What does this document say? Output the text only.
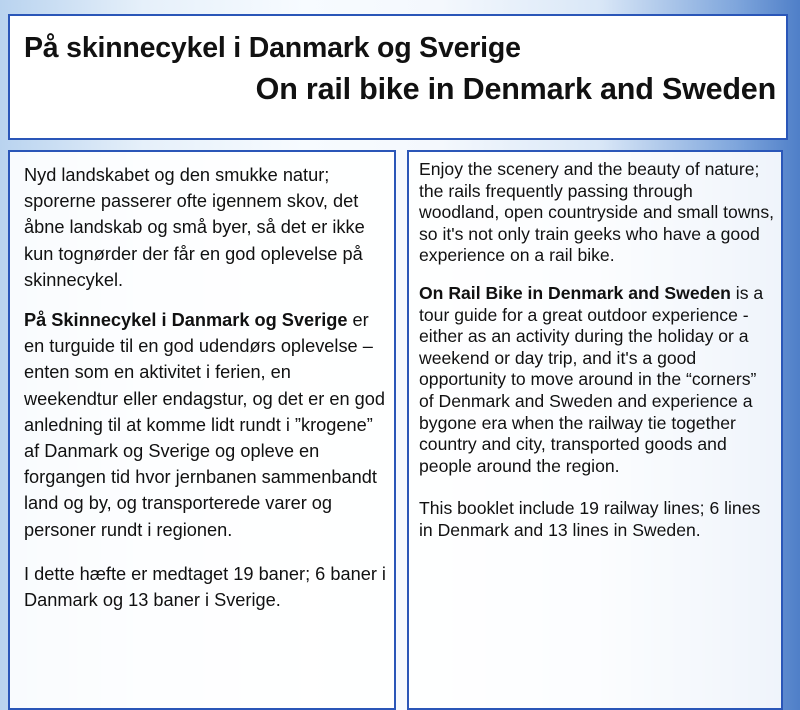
På skinnecykel i Danmark og Sverige
On rail bike in Denmark and Sweden

Nyd landskabet og den smukke natur; sporerne passerer ofte igennem skov, det åbne landskab og små byer, så det er ikke kun tognørder der får en god oplevelse på skinnecykel.

På Skinnecykel i Danmark og Sverige er en turguide til en god udendørs oplevelse – enten som en aktivitet i ferien, en weekendtur eller endagstur, og det er en god anledning til at komme lidt rundt i ”krogene” af Danmark og Sverige og opleve en forgangen tid hvor jernbanen sammenbandt land og by, og transporterede varer og personer rundt i regionen.

I dette hæfte er medtaget 19 baner; 6 baner i Danmark og 13 baner i Sverige.

Enjoy the scenery and the beauty of nature; the rails frequently passing through woodland, open countryside and small towns, so it's not only train geeks who have a good experience on a rail bike.

On Rail Bike in Denmark and Sweden is a tour guide for a great outdoor experience - either as an activity during the holiday or a weekend or day trip, and it's a good opportunity to move around in the “corners” of Denmark and Sweden and experience a bygone era when the railway tie together country and city, transported goods and people around the region.

This booklet include 19 railway lines; 6 lines in Denmark and 13 lines in Sweden.
